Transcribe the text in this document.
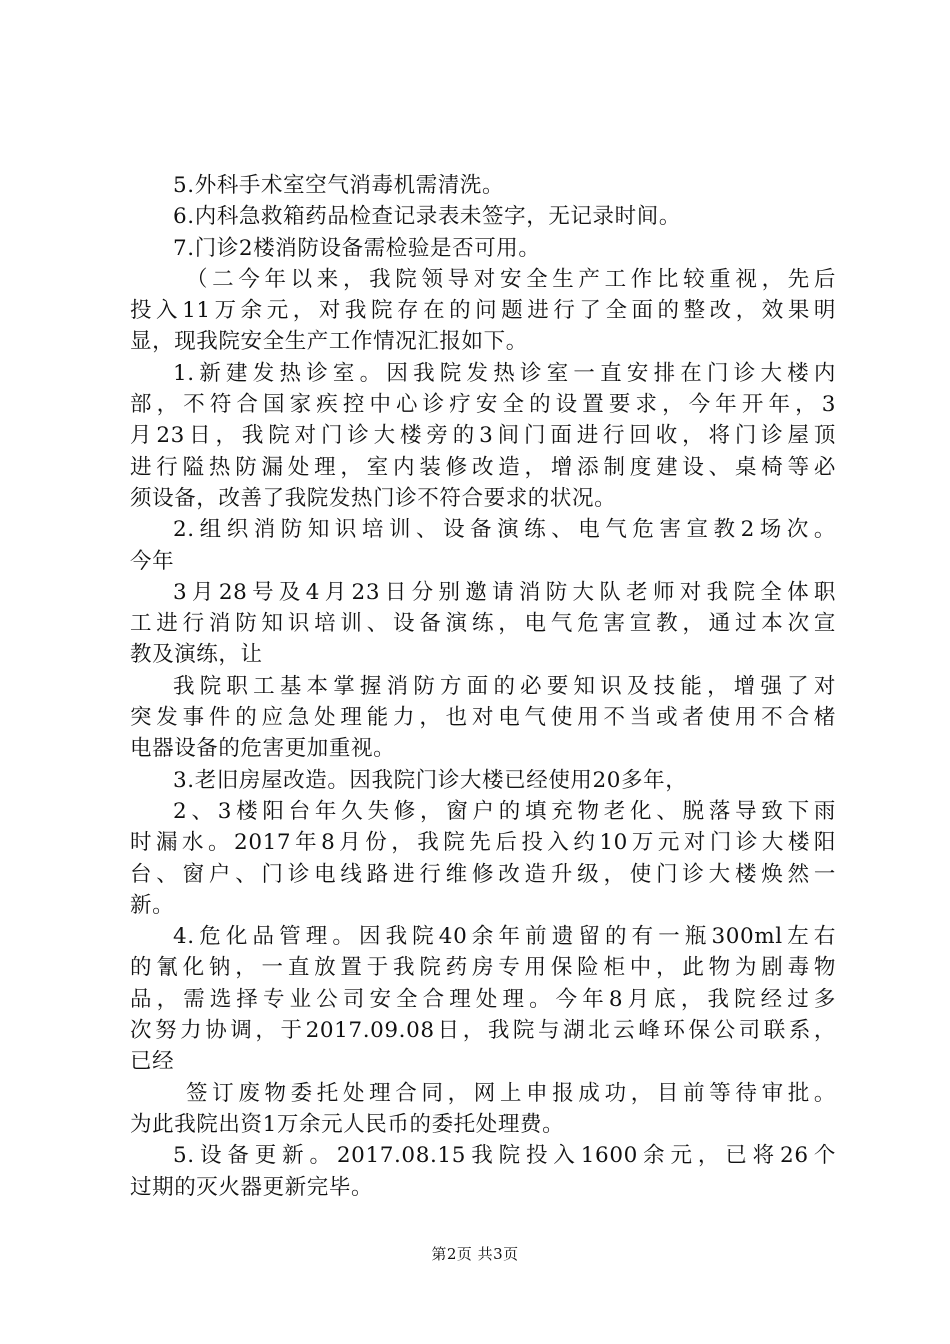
5.外科手术室空气消毒机需清洗。
6.内科急救箱药品检查记录表未签字，无记录时间。
7.门诊2楼消防设备需检验是否可用。
（二今年以来，我院领导对安全生产工作比较重视，先后
投入11万余元，对我院存在的问题进行了全面的整改，效果明
显，现我院安全生产工作情况汇报如下。
1.新建发热诊室。因我院发热诊室一直安排在门诊大楼内
部，不符合国家疾控中心诊疗安全的设置要求，今年开年，3
月23日，我院对门诊大楼旁的3间门面进行回收，将门诊屋顶
进行隘热防漏处理，室内装修改造，增添制度建设、桌椅等必
须设备，改善了我院发热门诊不符合要求的状况。
2.组织消防知识培训、设备演练、电气危害宣教2场次。
今年
3月28号及4月23日分别邀请消防大队老师对我院全体职
工进行消防知识培训、设备演练，电气危害宣教，通过本次宣
教及演练，让
我院职工基本掌握消防方面的必要知识及技能，增强了对
突发事件的应急处理能力，也对电气使用不当或者使用不合楮
电器设备的危害更加重视。
3.老旧房屋改造。因我院门诊大楼已经使用20多年，
2、3楼阳台年久失修，窗户的填充物老化、脱落导致下雨
时漏水。2017年8月份，我院先后投入约10万元对门诊大楼阳
台、窗户、门诊电线路进行维修改造升级，使门诊大楼焕然一
新。
4.危化品管理。因我院40余年前遗留的有一瓶300ml左右
的氰化钠，一直放置于我院药房专用保险柜中，此物为剧毒物
品，需选择专业公司安全合理处理。今年8月底，我院经过多
次努力协调，于2017.09.08日，我院与湖北云峰环保公司联系，
已经
签订废物委托处理合同，网上申报成功，目前等待审批。
为此我院出资1万余元人民币的委托处理费。
5.设备更新。2017.08.15我院投入1600余元，已将26个
过期的灭火器更新完毕。
第2页 共3页
